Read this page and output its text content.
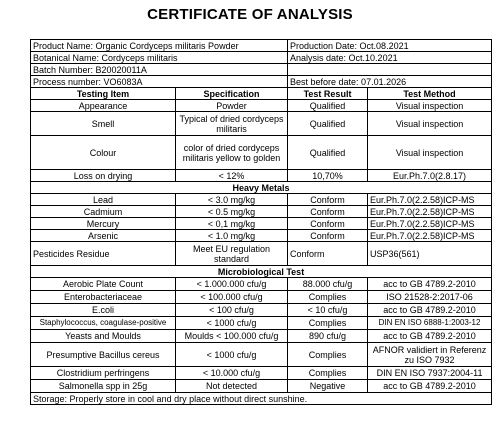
CERTIFICATE OF ANALYSIS
Product Name: Organic Cordyceps militaris Powder		Production Date: Oct.08.2021	
Botanical Name: Cordyceps militaris		Analysis date: Oct.10.2021	
Batch Number: B20020011A			
Process number: VO6083A		Best before date: 07.01.2026	
Testing Item	Specification	Test Result	Test Method
Appearance	Powder	Qualified	Visual inspection
Smell	Typical of dried cordyceps militaris	Qualified	Visual inspection
Colour	color of dried cordyceps militaris yellow to golden	Qualified	Visual inspection
Loss on drying	< 12%	10,70%	Eur.Ph.7.0(2.8.17)
Heavy Metals			
Lead	< 3.0 mg/kg	Conform	Eur.Ph.7.0(2.2.58)ICP-MS
Cadmium	< 0.5 mg/kg	Conform	Eur.Ph.7.0(2.2.58)ICP-MS
Mercury	< 0,1 mg/kg	Conform	Eur.Ph.7.0(2.2.58)ICP-MS
Arsenic	< 1.0 mg/kg	Conform	Eur.Ph.7.0(2.2.58)ICP-MS
Pesticides Residue	Meet EU regulation standard	Conform	USP36(561)
Microbiological Test			
Aerobic Plate Count	< 1.000.000 cfu/g	88.000 cfu/g	acc to GB 4789.2-2010
Enterobacteriaceae	< 100.000 cfu/g	Complies	ISO 21528-2:2017-06
E.coli	< 100 cfu/g	< 10 cfu/g	acc to GB 4789.2-2010
Staphylococcus, coagulase-positive	< 1000 cfu/g	Complies	DIN EN ISO 6888-1:2003-12
Yeasts and Moulds	Moulds < 100.000 cfu/g	890 cfu/g	acc to GB 4789.2-2010
Presumptive Bacillus cereus	< 1000 cfu/g	Complies	AFNOR validiert in Referenz zu ISO 7932
Clostridium perfringens	< 10.000 cfu/g	Complies	DIN EN ISO 7937:2004-11
Salmonella spp in 25g	Not detected	Negative	acc to GB 4789.2-2010
Storage: Properly store in cool and dry place without direct sunshine.			
